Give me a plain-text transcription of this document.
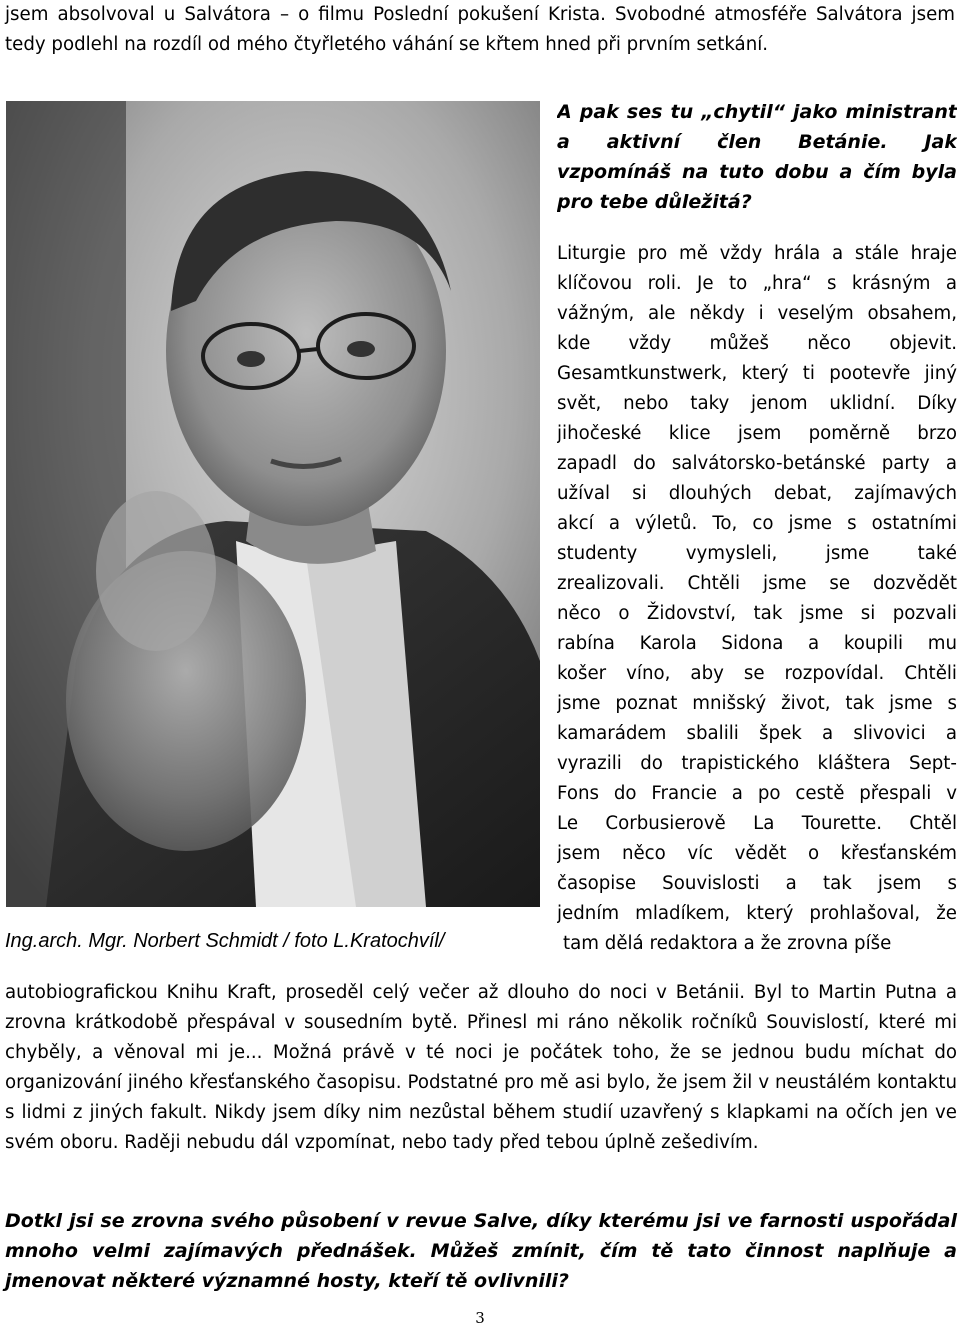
jsem absolvoval u Salvátora – o filmu Poslední pokušení Krista. Svobodné atmosféře Salvátora jsem tedy podlehl na rozdíl od mého čtyřletého váhání se křtem hned při prvním setkání.
Ing.arch. Mgr. Norbert Schmidt / foto L.Kratochvíl/
A pak ses tu „chytil“ jako ministrant
a aktivní člen Betánie. Jak
vzpomínáš na tuto dobu a čím byla
pro tebe důležitá?
Liturgie pro mě vždy hrála a stále hraje
klíčovou roli. Je to „hra“ s krásným a
vážným, ale někdy i veselým obsahem,
kde vždy můžeš něco objevit.
Gesamtkunstwerk, který ti pootevře jiný
svět, nebo taky jenom uklidní. Díky
jihočeské klice jsem poměrně brzo
zapadl do salvátorsko-betánské party a
užíval si dlouhých debat, zajímavých
akcí a výletů. To, co jsme s ostatními
studenty vymysleli, jsme také
zrealizovali. Chtěli jsme se dozvědět
něco o Židovství, tak jsme si pozvali
rabína Karola Sidona a koupili mu
košer víno, aby se rozpovídal. Chtěli
jsme poznat mnišský život, tak jsme s
kamarádem sbalili špek a slivovici a
vyrazili do trapistického kláštera Sept-
Fons do Francie a po cestě přespali v
Le Corbusierově La Tourette. Chtěl
jsem něco víc vědět o křesťanském
časopise Souvislosti a tak jsem s
jedním mladíkem, který prohlašoval, že
tam dělá redaktora a že zrovna píše
autobiografickou Knihu Kraft, proseděl celý večer až dlouho do noci v Betánii. Byl to Martin Putna a zrovna krátkodobě přespával v sousedním bytě. Přinesl mi ráno několik ročníků Souvislostí, které mi chyběly, a věnoval mi je... Možná právě v té noci je počátek toho, že se jednou budu míchat do organizování jiného křesťanského časopisu. Podstatné pro mě asi bylo, že jsem žil v neustálém kontaktu s lidmi z jiných fakult. Nikdy jsem díky nim nezůstal během studií uzavřený s klapkami na očích jen ve svém oboru. Raději nebudu dál vzpomínat, nebo tady před tebou úplně zešedivím.
Dotkl jsi se zrovna svého působení v revue Salve, díky kterému jsi ve farnosti uspořádal mnoho velmi zajímavých přednášek. Můžeš zmínit, čím tě tato činnost naplňuje a jmenovat některé významné hosty, kteří tě ovlivnili?
3
